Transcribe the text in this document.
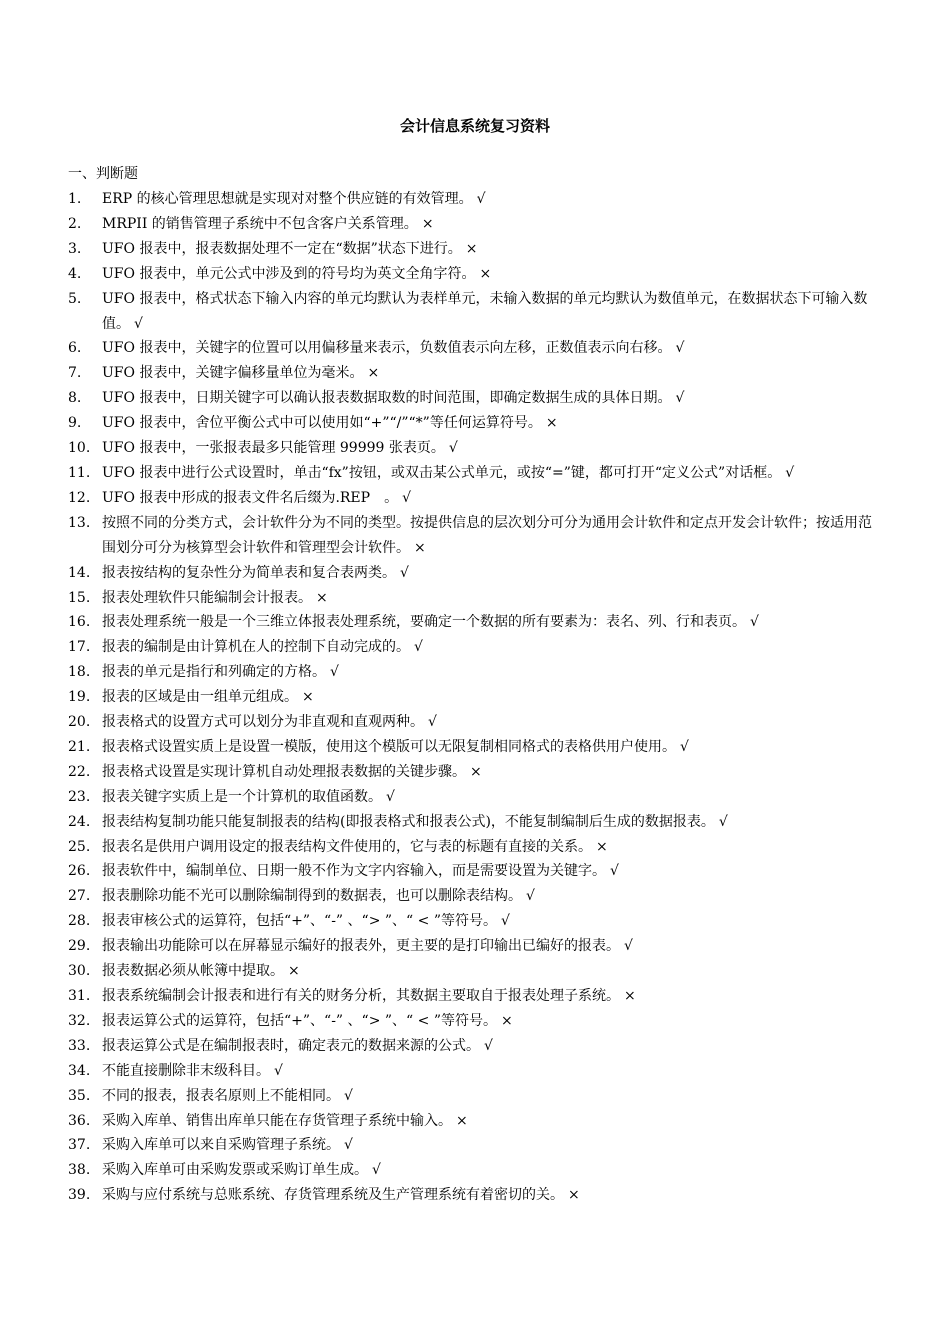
会计信息系统复习资料
一、判断题
1.	ERP 的核心管理思想就是实现对对整个供应链的有效管理。 √
2.	MRPII 的销售管理子系统中不包含客户关系管理。 ×
3.	UFO 报表中，报表数据处理不一定在“数据”状态下进行。 ×
4.	UFO 报表中，单元公式中涉及到的符号均为英文全角字符。 ×
5.	UFO 报表中，格式状态下输入内容的单元均默认为表样单元，未输入数据的单元均默认为数值单元，在数据状态下可输入数值。 √
6.	UFO 报表中，关键字的位置可以用偏移量来表示，负数值表示向左移，正数值表示向右移。 √
7.	UFO 报表中，关键字偏移量单位为毫米。 ×
8.	UFO 报表中，日期关键字可以确认报表数据取数的时间范围，即确定数据生成的具体日期。 √
9.	UFO 报表中，舍位平衡公式中可以使用如“+”“/”“*”等任何运算符号。 ×
10. UFO 报表中，一张报表最多只能管理 99999 张表页。 √
11. UFO 报表中进行公式设置时，单击“fx”按钮，或双击某公式单元，或按“=”键，都可打开“定义公式”对话框。 √
12. UFO 报表中形成的报表文件名后缀为.REP　。 √
13. 按照不同的分类方式，会计软件分为不同的类型。按提供信息的层次划分可分为通用会计软件和定点开发会计软件；按适用范围划分可分为核算型会计软件和管理型会计软件。 ×
14. 报表按结构的复杂性分为简单表和复合表两类。 √
15. 报表处理软件只能编制会计报表。 ×
16. 报表处理系统一般是一个三维立体报表处理系统，要确定一个数据的所有要素为：表名、列、行和表页。 √
17. 报表的编制是由计算机在人的控制下自动完成的。 √
18. 报表的单元是指行和列确定的方格。 √
19. 报表的区域是由一组单元组成。 ×
20. 报表格式的设置方式可以划分为非直观和直观两种。 √
21. 报表格式设置实质上是设置一模版，使用这个模版可以无限复制相同格式的表格供用户使用。 √
22. 报表格式设置是实现计算机自动处理报表数据的关键步骤。 ×
23. 报表关键字实质上是一个计算机的取值函数。 √
24. 报表结构复制功能只能复制报表的结构(即报表格式和报表公式)，不能复制编制后生成的数据报表。 √
25. 报表名是供用户调用设定的报表结构文件使用的，它与表的标题有直接的关系。 ×
26. 报表软件中，编制单位、日期一般不作为文字内容输入，而是需要设置为关键字。 √
27. 报表删除功能不光可以删除编制得到的数据表，也可以删除表结构。 √
28. 报表审核公式的运算符，包括“+”、“-” 、“> ”、“ < ”等符号。 √
29. 报表输出功能除可以在屏幕显示编好的报表外，更主要的是打印输出已编好的报表。 √
30. 报表数据必须从帐簿中提取。 ×
31. 报表系统编制会计报表和进行有关的财务分析，其数据主要取自于报表处理子系统。 ×
32. 报表运算公式的运算符，包括“+”、“-” 、“> ”、“ < ”等符号。 ×
33. 报表运算公式是在编制报表时，确定表元的数据来源的公式。 √
34. 不能直接删除非末级科目。 √
35. 不同的报表，报表名原则上不能相同。 √
36. 采购入库单、销售出库单只能在存货管理子系统中输入。 ×
37. 采购入库单可以来自采购管理子系统。 √
38. 采购入库单可由采购发票或采购订单生成。 √
39. 采购与应付系统与总账系统、存货管理系统及生产管理系统有着密切的关。 ×
